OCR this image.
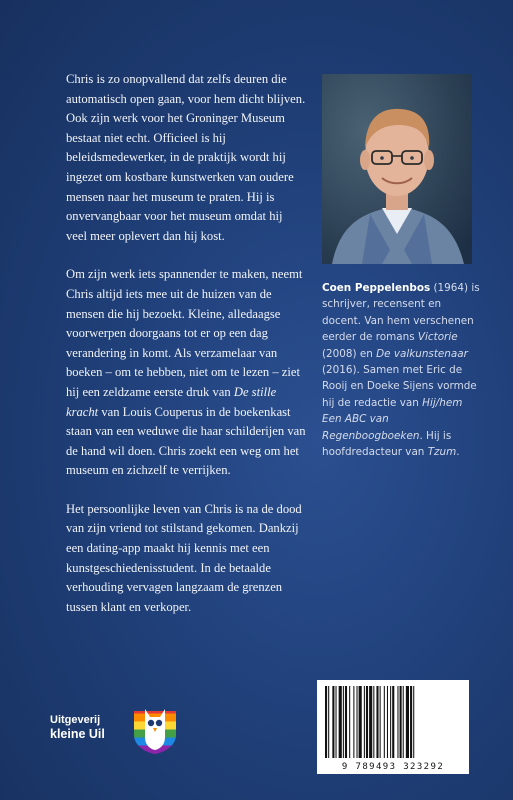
Chris is zo onopvallend dat zelfs deuren die automatisch open gaan, voor hem dicht blijven. Ook zijn werk voor het Groninger Museum bestaat niet echt. Officieel is hij beleidsmedewerker, in de praktijk wordt hij ingezet om kostbare kunstwerken van oudere mensen naar het museum te praten. Hij is onvervangbaar voor het museum omdat hij veel meer oplevert dan hij kost.

Om zijn werk iets spannender te maken, neemt Chris altijd iets mee uit de huizen van de mensen die hij bezoekt. Kleine, alledaagse voorwerpen doorgaans tot er op een dag verandering in komt. Als verzamelaar van boeken – om te hebben, niet om te lezen – ziet hij een zeldzame eerste druk van De stille kracht van Louis Couperus in de boekenkast staan van een weduwe die haar schilderijen van de hand wil doen. Chris zoekt een weg om het museum en zichzelf te verrijken.

Het persoonlijke leven van Chris is na de dood van zijn vriend tot stilstand gekomen. Dankzij een dating-app maakt hij kennis met een kunstgeschiedenisstudent. In de betaalde verhouding vervagen langzaam de grenzen tussen klant en verkoper.

Coen Peppelenbos (1964) is schrijver, recensent en docent. Van hem verschenen eerder de romans Victorie (2008) en De valkunstenaar (2016). Samen met Eric de Rooij en Doeke Sijens vormde hij de redactie van Hij/hem Een ABC van Regenboogboeken. Hij is hoofdredacteur van Tzum.
Uitgeverij
kleine Uil
9 789493 323292
